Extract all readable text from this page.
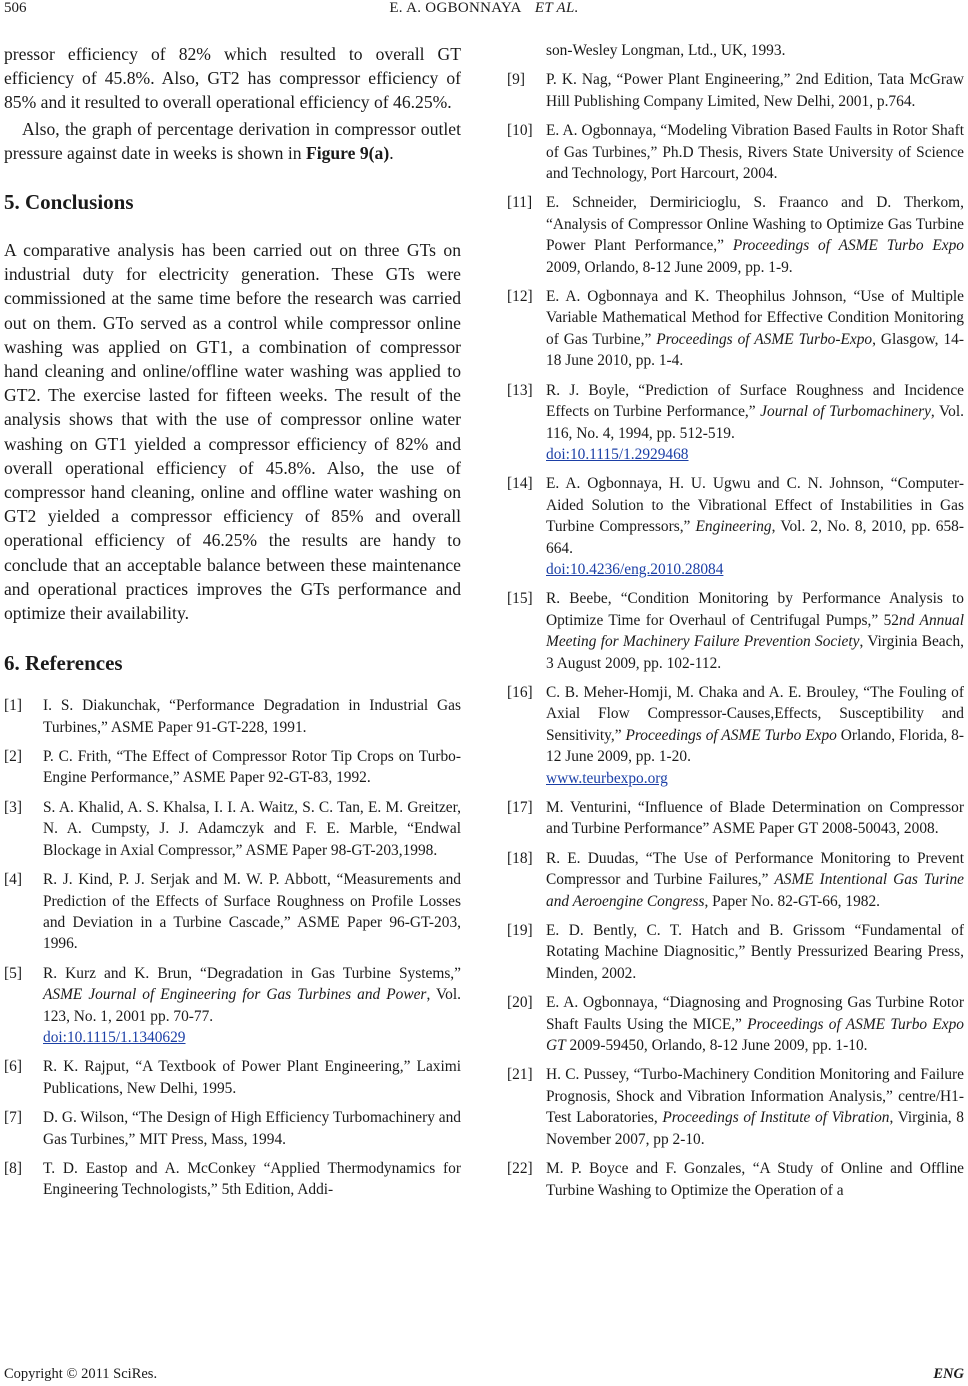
506	E. A. OGBONNAYA ET AL.

pressor efficiency of 82% which resulted to overall GT efficiency of 45.8%. Also, GT2 has compressor efficiency of 85% and it resulted to overall operational efficiency of 46.25%.

Also, the graph of percentage derivation in compressor outlet pressure against date in weeks is shown in Figure 9(a).

5. Conclusions

A comparative analysis has been carried out on three GTs on industrial duty for electricity generation. These GTs were commissioned at the same time before the research was carried out on them. GTo served as a control while compressor online washing was applied on GT1, a combination of compressor hand cleaning and online/offline water washing was applied to GT2. The exercise lasted for fifteen weeks. The result of the analysis shows that with the use of compressor online water washing on GT1 yielded a compressor efficiency of 82% and overall operational efficiency of 45.8%. Also, the use of compressor hand cleaning, online and offline water washing on GT2 yielded a compressor efficiency of 85% and overall operational efficiency of 46.25% the results are handy to conclude that an acceptable balance between these maintenance and operational practices improves the GTs performance and optimize their availability.

6. References
[1]	I. S. Diakunchak, “Performance Degradation in Industrial Gas Turbines,” ASME Paper 91-GT-228, 1991.
[2]	P. C. Frith, “The Effect of Compressor Rotor Tip Crops on Turbo- Engine Performance,” ASME Paper 92-GT-83, 1992.
[3]	S. A. Khalid, A. S. Khalsa, I. I. A. Waitz, S. C. Tan, E. M. Greitzer, N. A. Cumpsty, J. J. Adamczyk and F. E. Marble, “Endwal Blockage in Axial Compressor,” ASME Paper 98-GT-203,1998.
[4]	R. J. Kind, P. J. Serjak and M. W. P. Abbott, “Measurements and Prediction of the Effects of Surface Roughness on Profile Losses and Deviation in a Turbine Cascade,” ASME Paper 96-GT-203, 1996.
[5]	R. Kurz and K. Brun, “Degradation in Gas Turbine Systems,” ASME Journal of Engineering for Gas Turbines and Power, Vol. 123, No. 1, 2001 pp. 70-77.
doi:10.1115/1.1340629
[6]	R. K. Rajput, “A Textbook of Power Plant Engineering,” Laximi Publications, New Delhi, 1995.
[7]	D. G. Wilson, “The Design of High Efficiency Turbomachinery and Gas Turbines,” MIT Press, Mass, 1994.
[8]	T. D. Eastop and A. McConkey “Applied Thermodynamics for Engineering Technologists,” 5th Edition, Addi-
son-Wesley Longman, Ltd., UK, 1993.
[9]	P. K. Nag, “Power Plant Engineering,” 2nd Edition, Tata McGraw Hill Publishing Company Limited, New Delhi, 2001, p.764.
[10] E. A. Ogbonnaya, “Modeling Vibration Based Faults in Rotor Shaft of Gas Turbines,” Ph.D Thesis, Rivers State University of Science and Technology, Port Harcourt, 2004.
[11] E. Schneider, Dermiricioglu, S. Fraanco and D. Therkom, “Analysis of Compressor Online Washing to Optimize Gas Turbine Power Plant Performance,” Proceedings of ASME Turbo Expo 2009, Orlando, 8-12 June 2009, pp. 1-9.
[12] E. A. Ogbonnaya and K. Theophilus Johnson, “Use of Multiple Variable Mathematical Method for Effective Condition Monitoring of Gas Turbine,” Proceedings of ASME Turbo-Expo, Glasgow, 14-18 June 2010, pp. 1-4.
[13] R. J. Boyle, “Prediction of Surface Roughness and Incidence Effects on Turbine Performance,” Journal of Turbomachinery, Vol. 116, No. 4, 1994, pp. 512-519.
doi:10.1115/1.2929468
[14] E. A. Ogbonnaya, H. U. Ugwu and C. N. Johnson, “Computer-Aided Solution to the Vibrational Effect of Instabilities in Gas Turbine Compressors,” Engineering, Vol. 2, No. 8, 2010, pp. 658-664.
doi:10.4236/eng.2010.28084
[15] R. Beebe, “Condition Monitoring by Performance Analysis to Optimize Time for Overhaul of Centrifugal Pumps,” 52nd Annual Meeting for Machinery Failure Prevention Society, Virginia Beach, 3 August 2009, pp. 102-112.
[16] C. B. Meher-Homji, M. Chaka and A. E. Brouley, “The Fouling of Axial Flow Compressor-Causes,Effects, Susceptibility and Sensitivity,” Proceedings of ASME Turbo Expo Orlando, Florida, 8-12 June 2009, pp. 1-20.
www.teurbexpo.org
[17] M. Venturini, “Influence of Blade Determination on Compressor and Turbine Performance” ASME Paper GT 2008-50043, 2008.
[18] R. E. Duudas, “The Use of Performance Monitoring to Prevent Compressor and Turbine Failures,” ASME Intentional Gas Turine and Aeroengine Congress, Paper No. 82-GT-66, 1982.
[19] E. D. Bently, C. T. Hatch and B. Grissom “Fundamental of Rotating Machine Diagnositic,” Bently Pressurized Bearing Press, Minden, 2002.
[20] E. A. Ogbonnaya, “Diagnosing and Prognosing Gas Turbine Rotor Shaft Faults Using the MICE,” Proceedings of ASME Turbo Expo GT 2009-59450, Orlando, 8-12 June 2009, pp. 1-10.
[21] H. C. Pussey, “Turbo-Machinery Condition Monitoring and Failure Prognosis, Shock and Vibration Information Analysis,” centre/H1-Test Laboratories, Proceedings of Institute of Vibration, Virginia, 8 November 2007, pp 2-10.
[22] M. P. Boyce and F. Gonzales, “A Study of Online and Offline Turbine Washing to Optimize the Operation of a
Copyright © 2011 SciRes.	ENG
